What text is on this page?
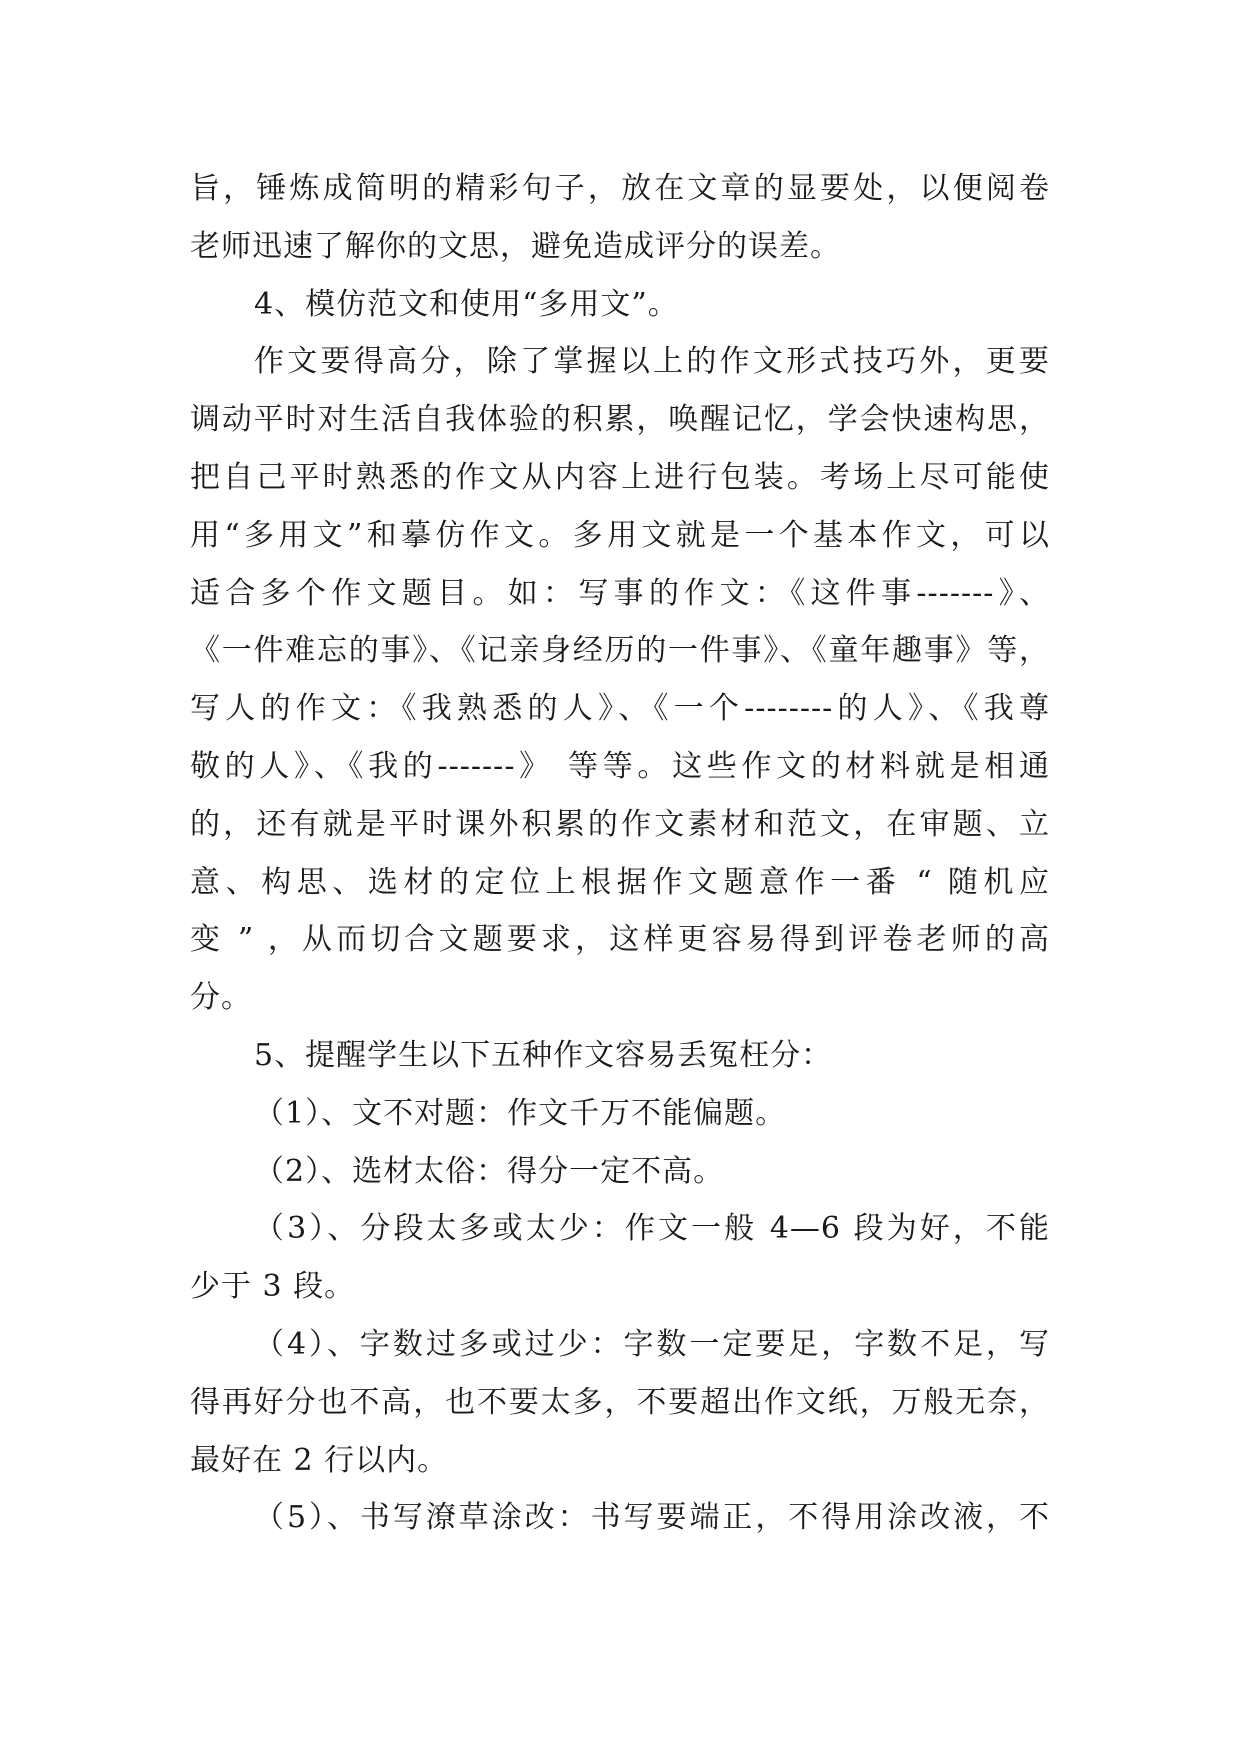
旨，锤炼成简明的精彩句子，放在文章的显要处，以便阅卷
老师迅速了解你的文思，避免造成评分的误差。
4、模仿范文和使用“多用文”。
作文要得高分，除了掌握以上的作文形式技巧外，更要
调动平时对生活自我体验的积累，唤醒记忆，学会快速构思，
把自己平时熟悉的作文从内容上进行包装。考场上尽可能使
用“多用文”和摹仿作文。多用文就是一个基本作文，可以
适合多个作文题目。如：写事的作文：《这件事-------》、
《一件难忘的事》、《记亲身经历的一件事》、《童年趣事》等，
写人的作文：《我熟悉的人》、《一个--------的人》、《我尊
敬的人》、《我的-------》 等等。这些作文的材料就是相通
的，还有就是平时课外积累的作文素材和范文，在审题、立
意、构思、选材的定位上根据作文题意作一番 “ 随机应
变 ” ，从而切合文题要求，这样更容易得到评卷老师的高
分。
5、提醒学生以下五种作文容易丢冤枉分：
（1）、文不对题：作文千万不能偏题。
（2）、选材太俗：得分一定不高。
（3）、分段太多或太少：作文一般 4—6 段为好，不能
少于 3 段。
（4）、字数过多或过少：字数一定要足，字数不足，写
得再好分也不高，也不要太多，不要超出作文纸，万般无奈，
最好在 2 行以内。
（5）、书写潦草涂改：书写要端正，不得用涂改液，不
